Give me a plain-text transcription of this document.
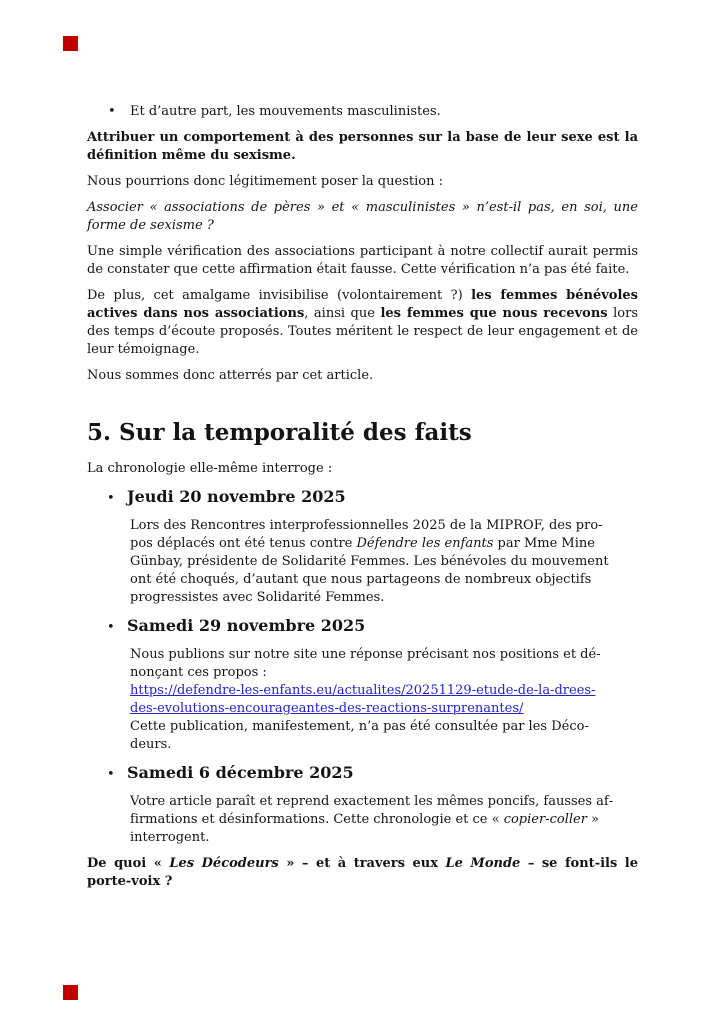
• Et d’autre part, les mouvements masculinistes.

Attribuer un comportement à des personnes sur la base de leur sexe est la définition même du sexisme.

Nous pourrions donc légitimement poser la question :

Associer « associations de pères » et « masculinistes » n’est-il pas, en soi, une forme de sexisme ?

Une simple vérification des associations participant à notre collectif aurait permis de constater que cette affirmation était fausse. Cette vérification n’a pas été faite.

De plus, cet amalgame invisibilise (volontairement ?) les femmes bénévoles actives dans nos associations, ainsi que les femmes que nous recevons lors des temps d’écoute proposés. Toutes méritent le respect de leur engagement et de leur témoignage.

Nous sommes donc atterrés par cet article.

5. Sur la temporalité des faits

La chronologie elle-même interroge :

• Jeudi 20 novembre 2025

Lors des Rencontres interprofessionnelles 2025 de la MIPROF, des propos déplacés ont été tenus contre Défendre les enfants par Mme Mine Günbay, présidente de Solidarité Femmes. Les bénévoles du mouvement ont été choqués, d’autant que nous partageons de nombreux objectifs progressistes avec Solidarité Femmes.

• Samedi 29 novembre 2025

Nous publions sur notre site une réponse précisant nos positions et dénonçant ces propos :
https://defendre-les-enfants.eu/actualites/20251129-etude-de-la-drees-des-evolutions-encourageantes-des-reactions-surprenantes/
Cette publication, manifestement, n’a pas été consultée par les Décodeurs.

• Samedi 6 décembre 2025

Votre article paraît et reprend exactement les mêmes poncifs, fausses affirmations et désinformations. Cette chronologie et ce « copier-coller » interrogent.

De quoi « Les Décodeurs » – et à travers eux Le Monde – se font-ils le porte-voix ?
